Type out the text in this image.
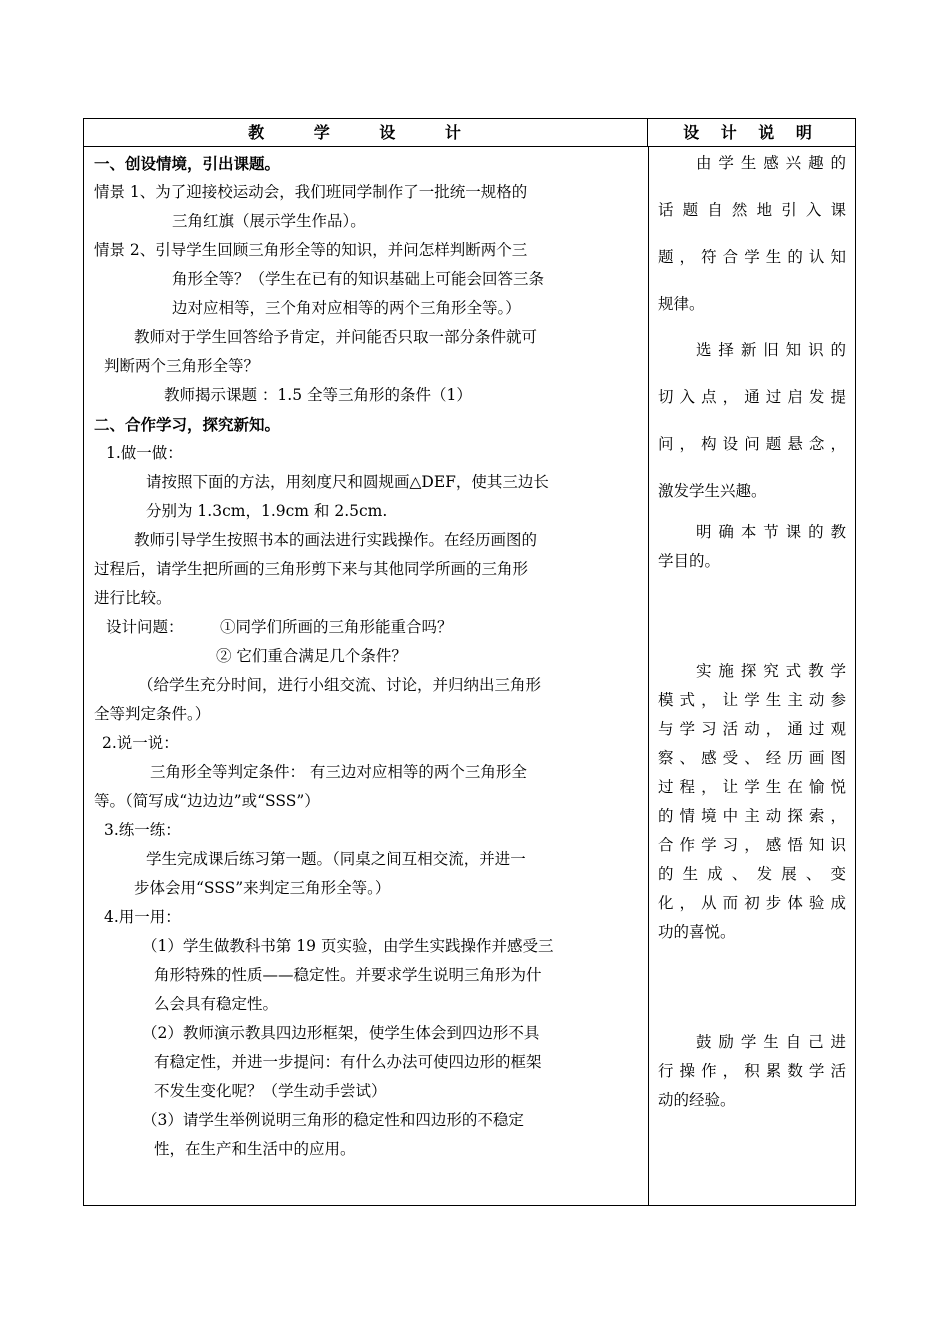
教 学 设 计	设 计 说 明

一、创设情境，引出课题。

情景 1、为了迎接校运动会，我们班同学制作了一批统一规格的

三角红旗（展示学生作品）。

情景 2、引导学生回顾三角形全等的知识，并问怎样判断两个三

角形全等？（学生在已有的知识基础上可能会回答三条

边对应相等，三个角对应相等的两个三角形全等。）

教师对于学生回答给予肯定，并问能否只取一部分条件就可

判断两个三角形全等？

教师揭示课题 ：1.5 全等三角形的条件（1）

二、合作学习，探究新知。

1.做一做：

请按照下面的方法，用刻度尺和圆规画△DEF，使其三边长

分别为 1.3cm，1.9cm 和 2.5cm.

教师引导学生按照书本的画法进行实践操作。在经历画图的

过程后，请学生把所画的三角形剪下来与其他同学所画的三角形

进行比较。

设计问题： ①同学们所画的三角形能重合吗？

② 它们重合满足几个条件？

（给学生充分时间，进行小组交流、讨论，并归纳出三角形

全等判定条件。）

2.说一说：

三角形全等判定条件： 有三边对应相等的两个三角形全

等。（简写成“边边边”或“SSS”）

3.练一练：

学生完成课后练习第一题。（同桌之间互相交流，并进一

步体会用“SSS”来判定三角形全等。）

4.用一用：

（1）学生做教科书第 19 页实验，由学生实践操作并感受三

角形特殊的性质——稳定性。并要求学生说明三角形为什

么会具有稳定性。

（2）教师演示教具四边形框架，使学生体会到四边形不具

有稳定性，并进一步提问：有什么办法可使四边形的框架

不发生变化呢？（学生动手尝试）

（3）请学生举例说明三角形的稳定性和四边形的不稳定

性，在生产和生活中的应用。

由学生感兴趣的

话题自然地引入课

题，符合学生的认知

规律。

选择新旧知识的

切入点，通过启发提

问，构设问题悬念，

激发学生兴趣。

明确本节课的教

学目的。

实施探究式教学

模式，让学生主动参

与学习活动，通过观

察、感受、经历画图

过程，让学生在愉悦

的情境中主动探索，

合作学习，感悟知识

的生成、发展、变

化，从而初步体验成

功的喜悦。

鼓励学生自己进

行操作，积累数学活

动的经验。
